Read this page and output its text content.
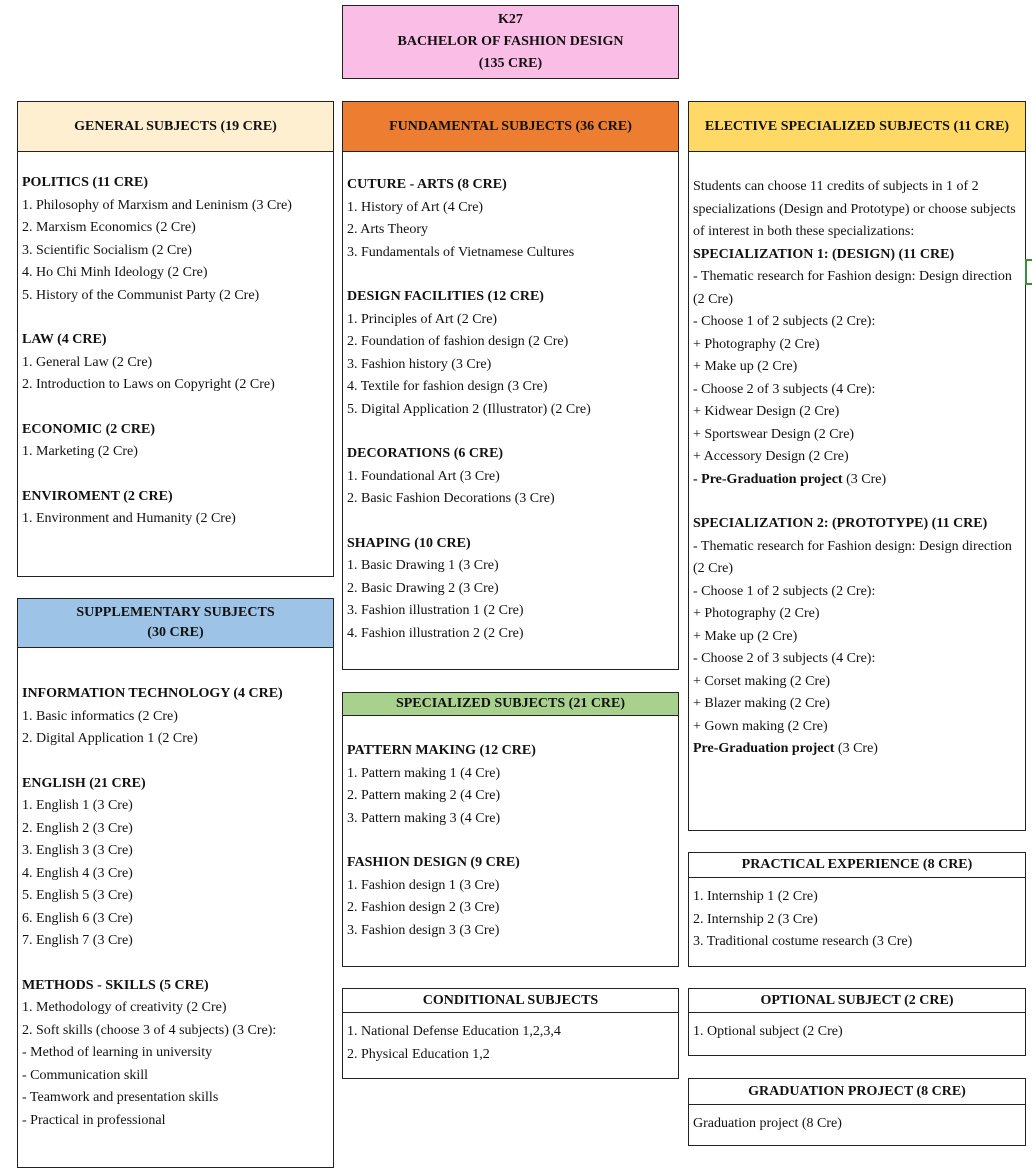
K27
BACHELOR OF FASHION DESIGN
(135 CRE)
GENERAL SUBJECTS (19 CRE)
POLITICS (11 CRE)
1. Philosophy of Marxism and Leninism (3 Cre)
2. Marxism Economics (2 Cre)
3. Scientific Socialism (2 Cre)
4. Ho Chi Minh Ideology (2 Cre)
5. History of the Communist Party (2 Cre)
LAW (4 CRE)
1. General Law (2 Cre)
2. Introduction to Laws on Copyright (2 Cre)
ECONOMIC (2 CRE)
1. Marketing (2 Cre)
ENVIROMENT (2 CRE)
1. Environment and Humanity (2 Cre)
SUPPLEMENTARY SUBJECTS
(30 CRE)
INFORMATION TECHNOLOGY (4 CRE)
1. Basic informatics (2 Cre)
2. Digital Application 1 (2 Cre)
ENGLISH (21 CRE)
1. English 1 (3 Cre)
2. English 2 (3 Cre)
3. English 3 (3 Cre)
4. English 4 (3 Cre)
5. English 5 (3 Cre)
6. English 6 (3 Cre)
7. English 7 (3 Cre)
METHODS - SKILLS (5 CRE)
1. Methodology of creativity (2 Cre)
2. Soft skills (choose 3 of 4 subjects) (3 Cre):
- Method of learning in university
- Communication skill
- Teamwork and presentation skills
- Practical in professional
FUNDAMENTAL SUBJECTS (36 CRE)
CUTURE - ARTS (8 CRE)
1. History of Art (4 Cre)
2. Arts Theory
3. Fundamentals of Vietnamese Cultures
DESIGN FACILITIES (12 CRE)
1. Principles of Art (2 Cre)
2. Foundation of fashion design (2 Cre)
3. Fashion history (3 Cre)
4. Textile for fashion design (3 Cre)
5. Digital Application 2 (Illustrator) (2 Cre)
DECORATIONS (6 CRE)
1. Foundational Art (3 Cre)
2. Basic Fashion Decorations (3 Cre)
SHAPING (10 CRE)
1. Basic Drawing 1 (3 Cre)
2. Basic Drawing 2 (3 Cre)
3. Fashion illustration 1 (2 Cre)
4. Fashion illustration 2 (2 Cre)
SPECIALIZED SUBJECTS (21 CRE)
PATTERN MAKING (12 CRE)
1. Pattern making 1 (4 Cre)
2. Pattern making 2 (4 Cre)
3. Pattern making 3 (4 Cre)
FASHION DESIGN (9 CRE)
1. Fashion design 1 (3 Cre)
2. Fashion design 2 (3 Cre)
3. Fashion design 3 (3 Cre)
CONDITIONAL SUBJECTS
1. National Defense Education 1,2,3,4
2. Physical Education 1,2
ELECTIVE SPECIALIZED SUBJECTS (11 CRE)
Students can choose 11 credits of subjects in 1 of 2 specializations (Design and Prototype) or choose subjects of interest in both these specializations:
SPECIALIZATION 1: (DESIGN) (11 CRE)
- Thematic research for Fashion design: Design direction (2 Cre)
- Choose 1 of 2 subjects (2 Cre):
+ Photography (2 Cre)
+ Make up (2 Cre)
- Choose 2 of 3 subjects (4 Cre):
+ Kidwear Design (2 Cre)
+ Sportswear Design (2 Cre)
+ Accessory Design (2 Cre)
- Pre-Graduation project (3 Cre)
SPECIALIZATION 2: (PROTOTYPE) (11 CRE)
- Thematic research for Fashion design: Design direction (2 Cre)
- Choose 1 of 2 subjects (2 Cre):
+ Photography (2 Cre)
+ Make up (2 Cre)
- Choose 2 of 3 subjects (4 Cre):
+ Corset making (2 Cre)
+ Blazer making (2 Cre)
+ Gown making (2 Cre)
Pre-Graduation project (3 Cre)
PRACTICAL EXPERIENCE (8 CRE)
1. Internship 1 (2 Cre)
2. Internship 2 (3 Cre)
3. Traditional costume research (3 Cre)
OPTIONAL SUBJECT (2 CRE)
1. Optional subject (2 Cre)
GRADUATION PROJECT (8 CRE)
Graduation project (8 Cre)
